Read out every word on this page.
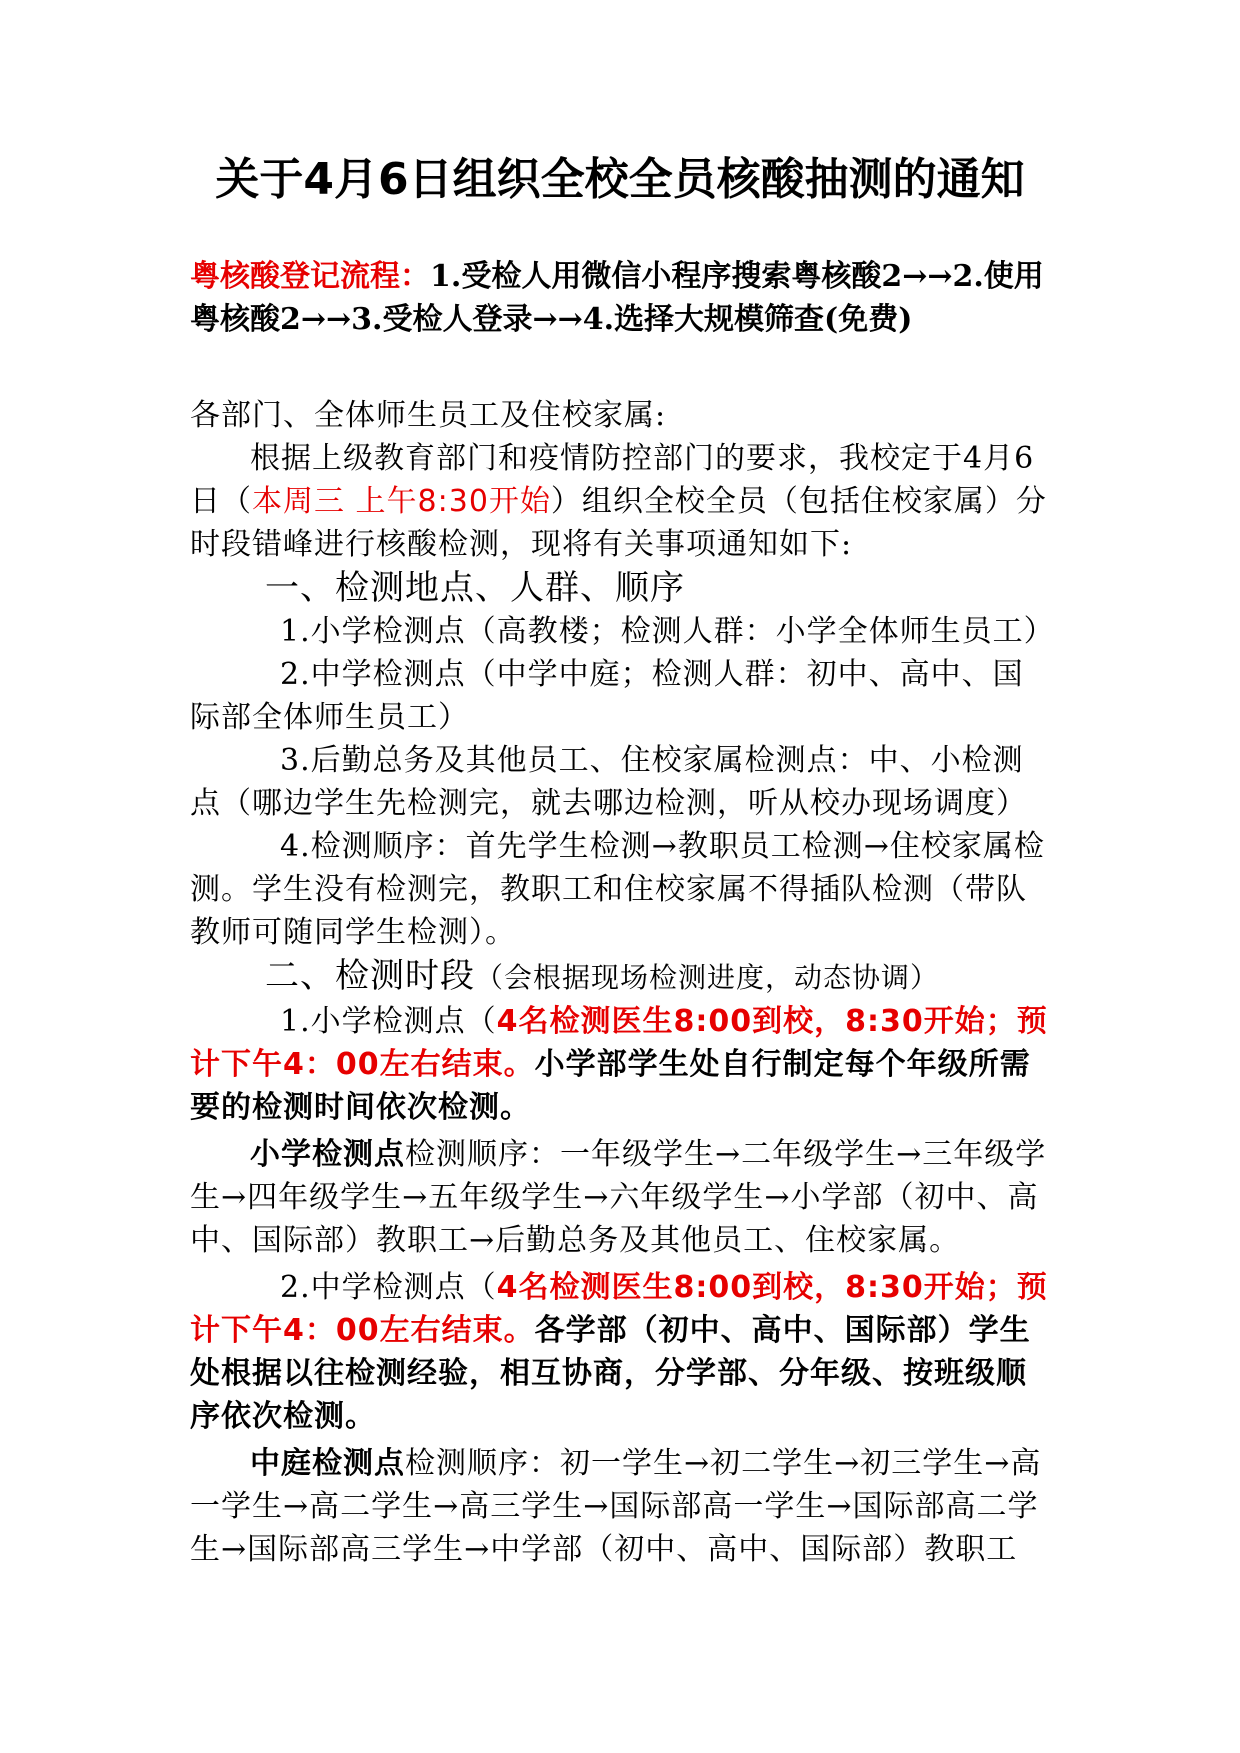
关于4月6日组织全校全员核酸抽测的通知

粤核酸登记流程：1.受检人用微信小程序搜索粤核酸2→→2.使用粤核酸2→→3.受检人登录→→4.选择大规模筛查(免费)

各部门、全体师生员工及住校家属:

根据上级教育部门和疫情防控部门的要求，我校定于4月6日（本周三 上午8:30开始）组织全校全员（包括住校家属）分时段错峰进行核酸检测，现将有关事项通知如下:

一、检测地点、人群、顺序

1.小学检测点（高教楼；检测人群：小学全体师生员工）

2.中学检测点（中学中庭；检测人群：初中、高中、国际部全体师生员工）

3.后勤总务及其他员工、住校家属检测点：中、小检测点（哪边学生先检测完，就去哪边检测，听从校办现场调度）

4.检测顺序：首先学生检测→教职员工检测→住校家属检测。学生没有检测完，教职工和住校家属不得插队检测（带队教师可随同学生检测）。

二、检测时段（会根据现场检测进度，动态协调）

1.小学检测点（4名检测医生8:00到校，8:30开始；预计下午4：00左右结束。小学部学生处自行制定每个年级所需要的检测时间依次检测。

小学检测点检测顺序：一年级学生→二年级学生→三年级学生→四年级学生→五年级学生→六年级学生→小学部（初中、高中、国际部）教职工→后勤总务及其他员工、住校家属。

2.中学检测点（4名检测医生8:00到校，8:30开始；预计下午4：00左右结束。各学部（初中、高中、国际部）学生处根据以往检测经验，相互协商，分学部、分年级、按班级顺序依次检测。

中庭检测点检测顺序：初一学生→初二学生→初三学生→高一学生→高二学生→高三学生→国际部高一学生→国际部高二学生→国际部高三学生→中学部（初中、高中、国际部）教职工
